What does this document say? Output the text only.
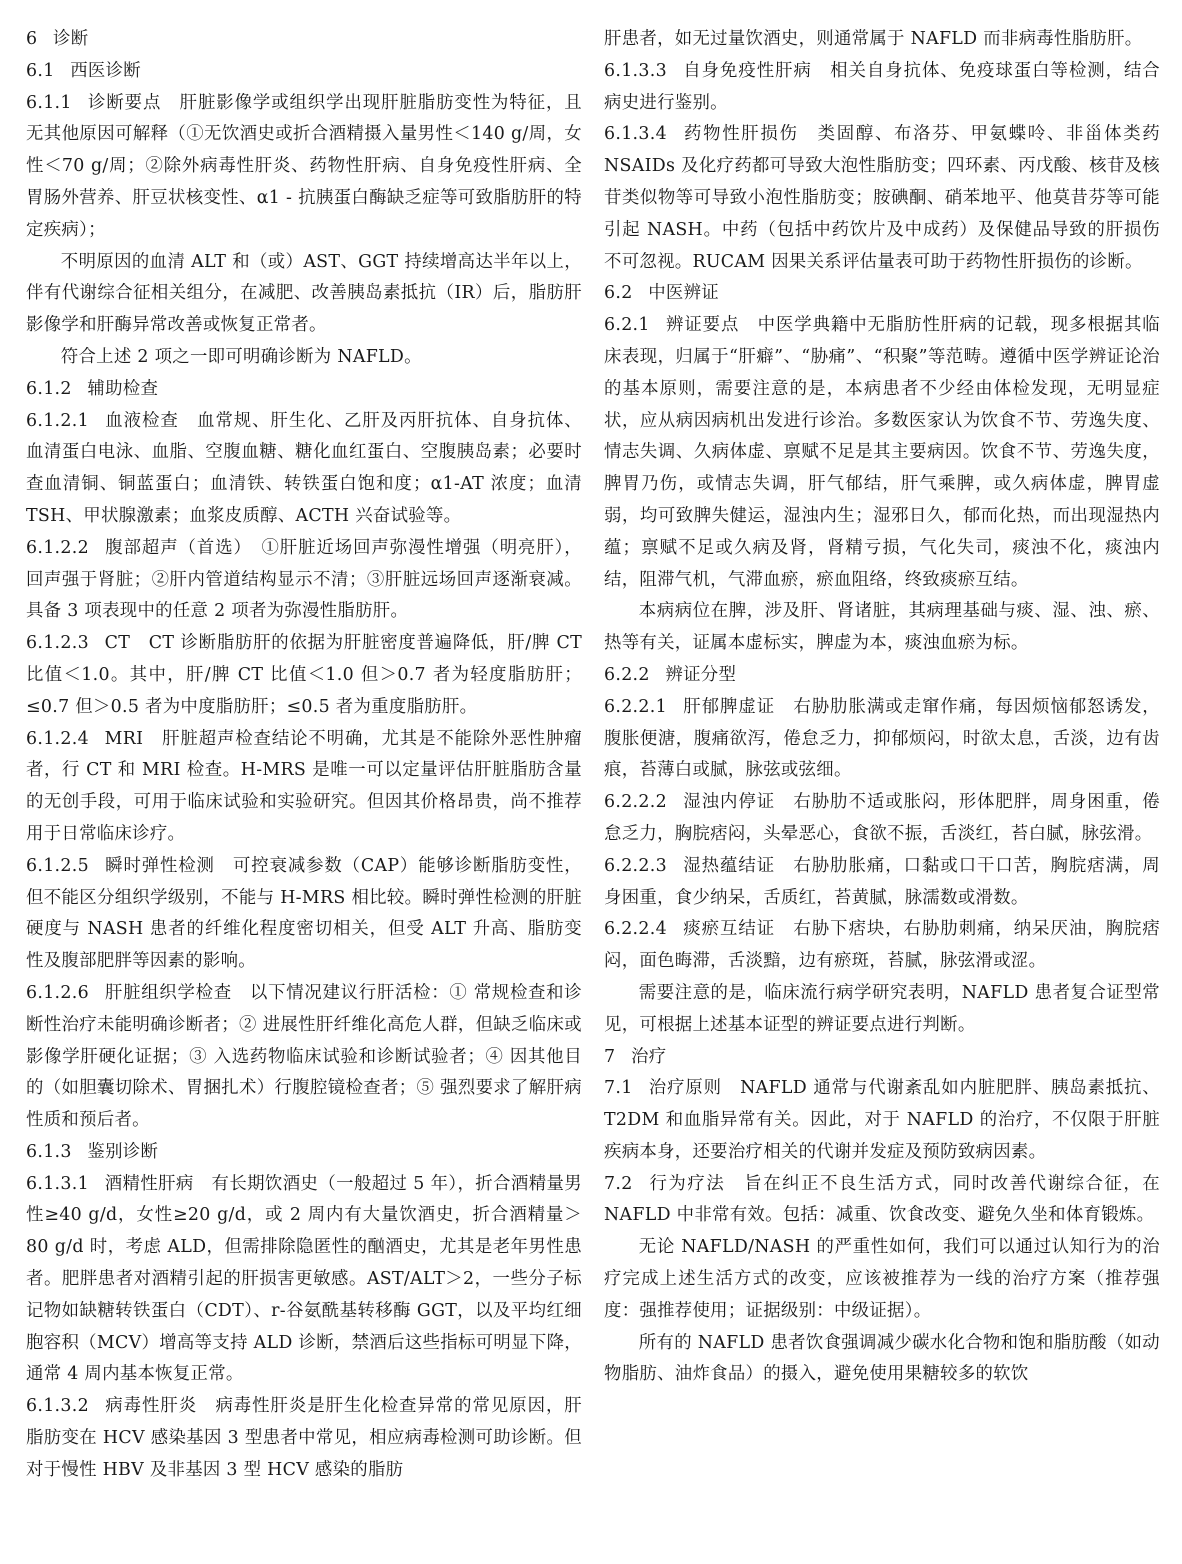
6 诊断

6.1 西医诊断

6.1.1 诊断要点　肝脏影像学或组织学出现肝脏脂肪变性为特征，且无其他原因可解释（①无饮酒史或折合酒精摄入量男性＜140 g/周，女性＜70 g/周；②除外病毒性肝炎、药物性肝病、自身免疫性肝病、全胃肠外营养、肝豆状核变性、α1 - 抗胰蛋白酶缺乏症等可致脂肪肝的特定疾病）；

不明原因的血清 ALT 和（或）AST、GGT 持续增高达半年以上，伴有代谢综合征相关组分，在减肥、改善胰岛素抵抗（IR）后，脂肪肝影像学和肝酶异常改善或恢复正常者。

符合上述 2 项之一即可明确诊断为 NAFLD。

6.1.2 辅助检查

6.1.2.1 血液检查　血常规、肝生化、乙肝及丙肝抗体、自身抗体、血清蛋白电泳、血脂、空腹血糖、糖化血红蛋白、空腹胰岛素；必要时查血清铜、铜蓝蛋白；血清铁、转铁蛋白饱和度；α1-AT 浓度；血清 TSH、甲状腺激素；血浆皮质醇、ACTH 兴奋试验等。

6.1.2.2 腹部超声（首选）　①肝脏近场回声弥漫性增强（明亮肝），回声强于肾脏；②肝内管道结构显示不清；③肝脏远场回声逐渐衰减。具备 3 项表现中的任意 2 项者为弥漫性脂肪肝。

6.1.2.3 CT　CT 诊断脂肪肝的依据为肝脏密度普遍降低，肝/脾 CT 比值＜1.0。其中，肝/脾 CT 比值＜1.0 但＞0.7 者为轻度脂肪肝；≤0.7 但＞0.5 者为中度脂肪肝；≤0.5 者为重度脂肪肝。

6.1.2.4 MRI　肝脏超声检查结论不明确，尤其是不能除外恶性肿瘤者，行 CT 和 MRI 检查。H-MRS 是唯一可以定量评估肝脏脂肪含量的无创手段，可用于临床试验和实验研究。但因其价格昂贵，尚不推荐用于日常临床诊疗。

6.1.2.5 瞬时弹性检测　可控衰减参数（CAP）能够诊断脂肪变性，但不能区分组织学级别，不能与 H-MRS 相比较。瞬时弹性检测的肝脏硬度与 NASH 患者的纤维化程度密切相关，但受 ALT 升高、脂肪变性及腹部肥胖等因素的影响。

6.1.2.6 肝脏组织学检查　以下情况建议行肝活检：① 常规检查和诊断性治疗未能明确诊断者；② 进展性肝纤维化高危人群，但缺乏临床或影像学肝硬化证据；③ 入选药物临床试验和诊断试验者；④ 因其他目的（如胆囊切除术、胃捆扎术）行腹腔镜检查者；⑤ 强烈要求了解肝病性质和预后者。

6.1.3 鉴别诊断

6.1.3.1 酒精性肝病　有长期饮酒史（一般超过 5 年），折合酒精量男性≥40 g/d，女性≥20 g/d，或 2 周内有大量饮酒史，折合酒精量＞80 g/d 时，考虑 ALD，但需排除隐匿性的酗酒史，尤其是老年男性患者。肥胖患者对酒精引起的肝损害更敏感。AST/ALT＞2，一些分子标记物如缺糖转铁蛋白（CDT）、r-谷氨酰基转移酶 GGT，以及平均红细胞容积（MCV）增高等支持 ALD 诊断，禁酒后这些指标可明显下降，通常 4 周内基本恢复正常。

6.1.3.2 病毒性肝炎　病毒性肝炎是肝生化检查异常的常见原因，肝脂肪变在 HCV 感染基因 3 型患者中常见，相应病毒检测可助诊断。但对于慢性 HBV 及非基因 3 型 HCV 感染的脂肪

肝患者，如无过量饮酒史，则通常属于 NAFLD 而非病毒性脂肪肝。

6.1.3.3 自身免疫性肝病　相关自身抗体、免疫球蛋白等检测，结合病史进行鉴别。

6.1.3.4 药物性肝损伤　类固醇、布洛芬、甲氨蝶呤、非甾体类药 NSAIDs 及化疗药都可导致大泡性脂肪变；四环素、丙戊酸、核苷及核苷类似物等可导致小泡性脂肪变；胺碘酮、硝苯地平、他莫昔芬等可能引起 NASH。中药（包括中药饮片及中成药）及保健品导致的肝损伤不可忽视。RUCAM 因果关系评估量表可助于药物性肝损伤的诊断。

6.2 中医辨证

6.2.1 辨证要点　中医学典籍中无脂肪性肝病的记载，现多根据其临床表现，归属于“肝癖”、“胁痛”、“积聚”等范畴。遵循中医学辨证论治的基本原则，需要注意的是，本病患者不少经由体检发现，无明显症状，应从病因病机出发进行诊治。多数医家认为饮食不节、劳逸失度、情志失调、久病体虚、禀赋不足是其主要病因。饮食不节、劳逸失度，脾胃乃伤，或情志失调，肝气郁结，肝气乘脾，或久病体虚，脾胃虚弱，均可致脾失健运，湿浊内生；湿邪日久，郁而化热，而出现湿热内蕴；禀赋不足或久病及肾，肾精亏损，气化失司，痰浊不化，痰浊内结，阻滞气机，气滞血瘀，瘀血阻络，终致痰瘀互结。

本病病位在脾，涉及肝、肾诸脏，其病理基础与痰、湿、浊、瘀、热等有关，证属本虚标实，脾虚为本，痰浊血瘀为标。

6.2.2 辨证分型

6.2.2.1 肝郁脾虚证　右胁肋胀满或走窜作痛，每因烦恼郁怒诱发，腹胀便溏，腹痛欲泻，倦怠乏力，抑郁烦闷，时欲太息，舌淡，边有齿痕，苔薄白或腻，脉弦或弦细。

6.2.2.2 湿浊内停证　右胁肋不适或胀闷，形体肥胖，周身困重，倦怠乏力，胸脘痞闷，头晕恶心，食欲不振，舌淡红，苔白腻，脉弦滑。

6.2.2.3 湿热蕴结证　右胁肋胀痛，口黏或口干口苦，胸脘痞满，周身困重，食少纳呆，舌质红，苔黄腻，脉濡数或滑数。

6.2.2.4 痰瘀互结证　右胁下痞块，右胁肋刺痛，纳呆厌油，胸脘痞闷，面色晦滞，舌淡黯，边有瘀斑，苔腻，脉弦滑或涩。

需要注意的是，临床流行病学研究表明，NAFLD 患者复合证型常见，可根据上述基本证型的辨证要点进行判断。

7 治疗

7.1 治疗原则　NAFLD 通常与代谢紊乱如内脏肥胖、胰岛素抵抗、T2DM 和血脂异常有关。因此，对于 NAFLD 的治疗，不仅限于肝脏疾病本身，还要治疗相关的代谢并发症及预防致病因素。

7.2 行为疗法　旨在纠正不良生活方式，同时改善代谢综合征，在 NAFLD 中非常有效。包括：减重、饮食改变、避免久坐和体育锻炼。

无论 NAFLD/NASH 的严重性如何，我们可以通过认知行为的治疗完成上述生活方式的改变，应该被推荐为一线的治疗方案（推荐强度：强推荐使用；证据级别：中级证据）。

所有的 NAFLD 患者饮食强调减少碳水化合物和饱和脂肪酸（如动物脂肪、油炸食品）的摄入，避免使用果糖较多的软饮
